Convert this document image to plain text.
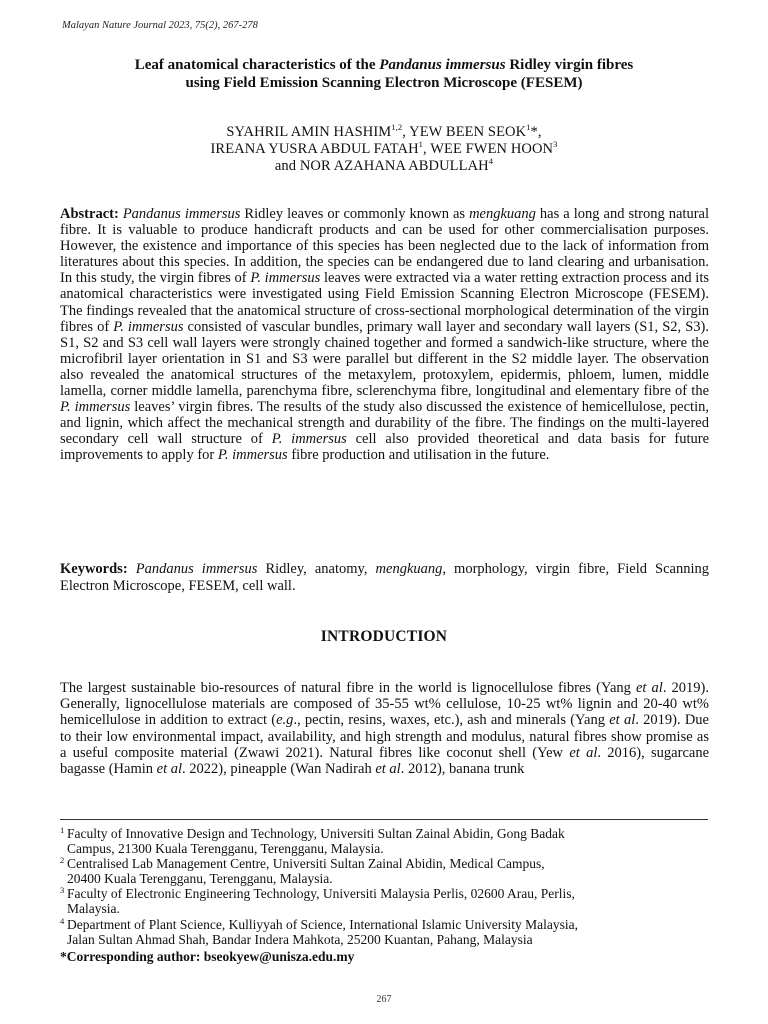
Malayan Nature Journal 2023, 75(2), 267-278
Leaf anatomical characteristics of the Pandanus immersus Ridley virgin fibres
using Field Emission Scanning Electron Microscope (FESEM)
SYAHRIL AMIN HASHIM$^{1,2}$, YEW BEEN SEOK$^1$*,
IREANA YUSRA ABDUL FATAH$^1$, WEE FWEN HOON$^3$
and NOR AZAHANA ABDULLAH$^4$
Abstract: Pandanus immersus Ridley leaves or commonly known as mengkuang has a long and strong natural fibre. It is valuable to produce handicraft products and can be used for other commercialisation purposes. However, the existence and importance of this species has been neglected due to the lack of information from literatures about this species. In addition, the species can be endangered due to land clearing and urbanisation. In this study, the virgin fibres of P. immersus leaves were extracted via a water retting extraction process and its anatomical characteristics were investigated using Field Emission Scanning Electron Microscope (FESEM). The findings revealed that the anatomical structure of cross-sectional morphological determination of the virgin fibres of P. immersus consisted of vascular bundles, primary wall layer and secondary wall layers (S1, S2, S3). S1, S2 and S3 cell wall layers were strongly chained together and formed a sandwich-like structure, where the microfibril layer orientation in S1 and S3 were parallel but different in the S2 middle layer. The observation also revealed the anatomical structures of the metaxylem, protoxylem, epidermis, phloem, lumen, middle lamella, corner middle lamella, parenchyma fibre, sclerenchyma fibre, longitudinal and elementary fibre of the P. immersus leaves’ virgin fibres. The results of the study also discussed the existence of hemicellulose, pectin, and lignin, which affect the mechanical strength and durability of the fibre. The findings on the multi-layered secondary cell wall structure of P. immersus cell also provided theoretical and data basis for future improvements to apply for P. immersus fibre production and utilisation in the future.
Keywords: Pandanus immersus Ridley, anatomy, mengkuang, morphology, virgin fibre, Field Scanning Electron Microscope, FESEM, cell wall.
INTRODUCTION
The largest sustainable bio-resources of natural fibre in the world is lignocellulose fibres (Yang et al. 2019). Generally, lignocellulose materials are composed of 35-55 wt% cellulose, 10-25 wt% lignin and 20-40 wt% hemicellulose in addition to extract (e.g., pectin, resins, waxes, etc.), ash and minerals (Yang et al. 2019). Due to their low environmental impact, availability, and high strength and modulus, natural fibres show promise as a useful composite material (Zwawi 2021). Natural fibres like coconut shell (Yew et al. 2016), sugarcane bagasse (Hamin et al. 2022), pineapple (Wan Nadirah et al. 2012), banana trunk
1 Faculty of Innovative Design and Technology, Universiti Sultan Zainal Abidin, Gong Badak
Campus, 21300 Kuala Terengganu, Terengganu, Malaysia.
2 Centralised Lab Management Centre, Universiti Sultan Zainal Abidin, Medical Campus,
20400 Kuala Terengganu, Terengganu, Malaysia.
3 Faculty of Electronic Engineering Technology, Universiti Malaysia Perlis, 02600 Arau, Perlis,
Malaysia.
4 Department of Plant Science, Kulliyyah of Science, International Islamic University Malaysia,
Jalan Sultan Ahmad Shah, Bandar Indera Mahkota, 25200 Kuantan, Pahang, Malaysia
*Corresponding author: bseokyew@unisza.edu.my
267
